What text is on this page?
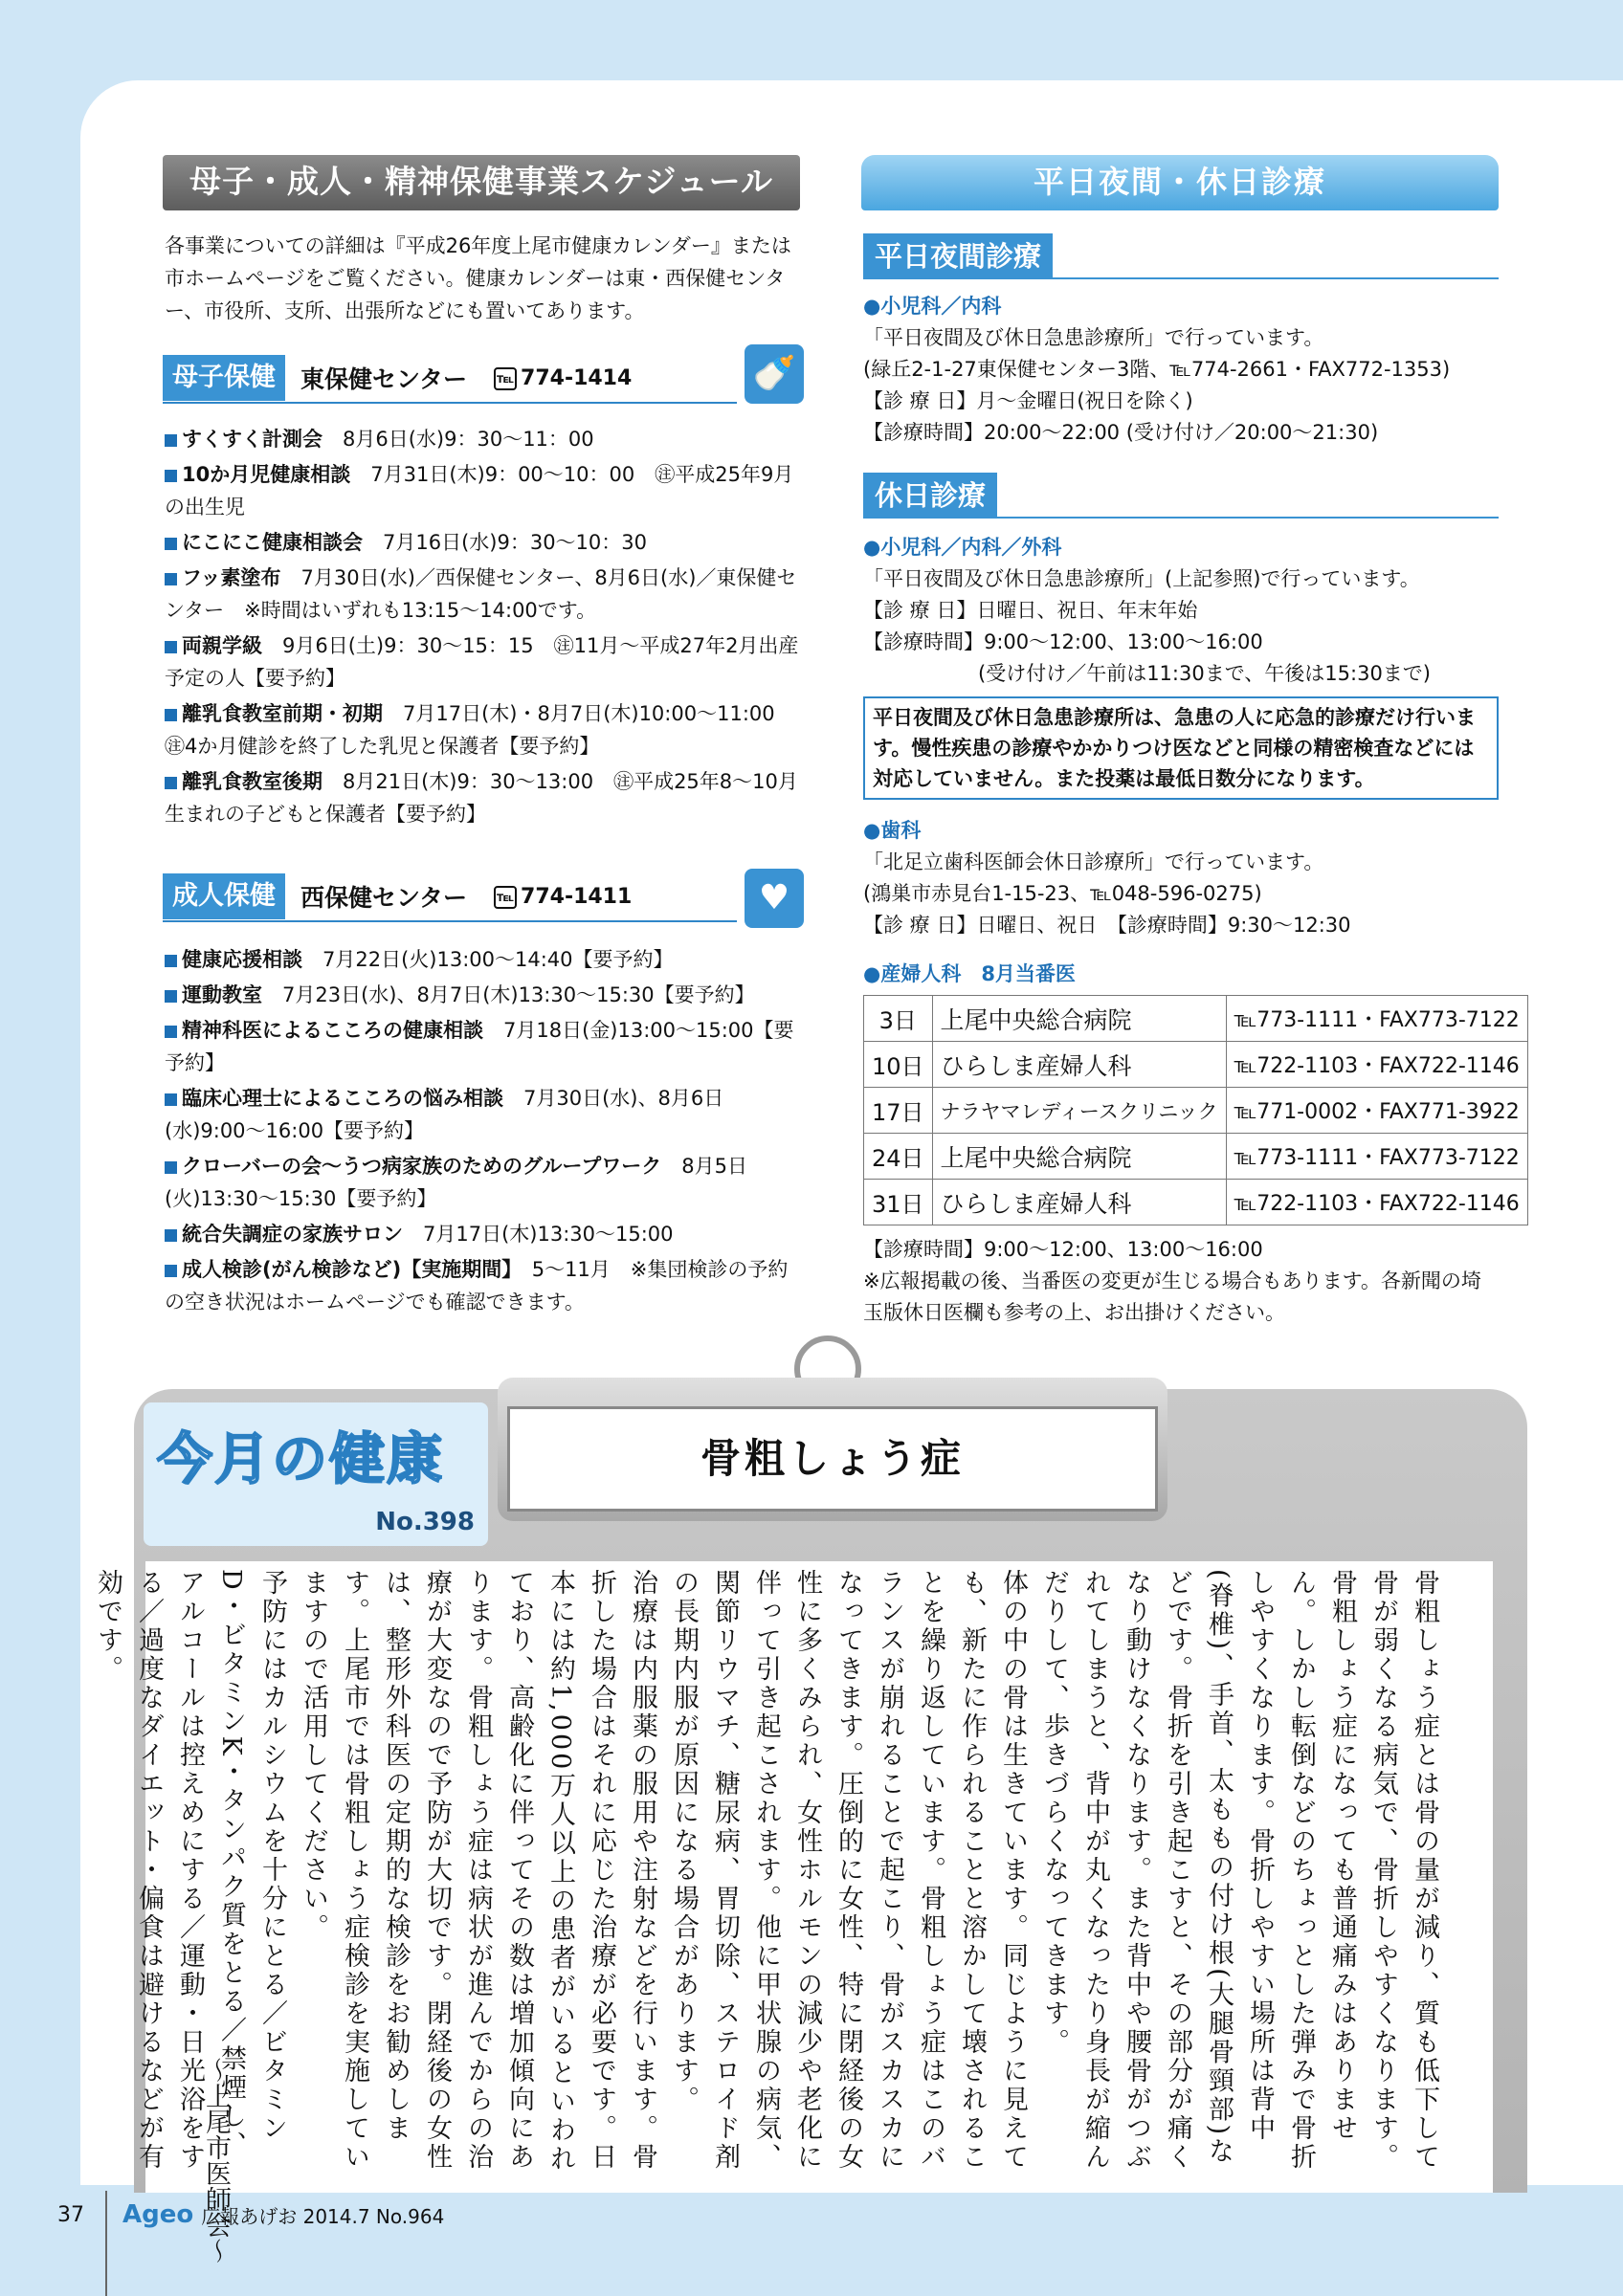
母子・成人・精神保健事業スケジュール
各事業についての詳細は『平成26年度上尾市健康カレンダー』または市ホームページをご覧ください。健康カレンダーは東・西保健センター、市役所、支所、出張所などにも置いてあります。
母子保健	東保健センター ℡ 774-1414	🍼
すくすく計測会　 8月6日(水)9：30〜11：00
10か月児健康相談　 7月31日(木)9：00〜10：00　㊟平成25年9月の出生児
にこにこ健康相談会　 7月16日(水)9：30〜10：30
フッ素塗布　 7月30日(水)／西保健センター、8月6日(水)／東保健センター　※時間はいずれも13:15〜14:00です。
両親学級　 9月6日(土)9：30〜15：15　㊟11月〜平成27年2月出産予定の人【要予約】
離乳食教室前期・初期　 7月17日(木)・8月7日(木)10:00〜11:00　㊟4か月健診を終了した乳児と保護者【要予約】
離乳食教室後期　 8月21日(木)9：30〜13:00　㊟平成25年8〜10月生まれの子どもと保護者【要予約】
成人保健	西保健センター ℡ 774-1411	♥
健康応援相談　 7月22日(火)13:00〜14:40【要予約】
運動教室　 7月23日(水)、8月7日(木)13:30〜15:30【要予約】
精神科医によるこころの健康相談　 7月18日(金)13:00〜15:00【要予約】
臨床心理士によるこころの悩み相談　 7月30日(水)、8月6日(水)9:00〜16:00【要予約】
クローバーの会〜うつ病家族のためのグループワーク　 8月5日(火)13:30〜15:30【要予約】
統合失調症の家族サロン　 7月17日(木)13:30〜15:00
成人検診(がん検診など)【実施期間】　 5〜11月　※集団検診の予約の空き状況はホームページでも確認できます。
平日夜間・休日診療
平日夜間診療
●小児科／内科
「平日夜間及び休日急患診療所」で行っています。
(緑丘2-1-27東保健センター3階、℡774-2661・FAX772-1353)
【診 療 日】月〜金曜日(祝日を除く)
【診療時間】20:00〜22:00 (受け付け／20:00〜21:30)
休日診療
●小児科／内科／外科
「平日夜間及び休日急患診療所」(上記参照)で行っています。
【診 療 日】日曜日、祝日、年末年始
【診療時間】9:00〜12:00、13:00〜16:00
(受け付け／午前は11:30まで、午後は15:30まで)
平日夜間及び休日急患診療所は、急患の人に応急的診療だけ行います。慢性疾患の診療やかかりつけ医などと同様の精密検査などには対応していません。また投薬は最低日数分になります。
●歯科
「北足立歯科医師会休日診療所」で行っています。
(鴻巣市赤見台1-15-23、℡048-596-0275)
【診 療 日】日曜日、祝日　【診療時間】9:30〜12:30
●産婦人科　8月当番医
3日	上尾中央総合病院	℡773-1111・FAX773-7122
10日	ひらしま産婦人科	℡722-1103・FAX722-1146
17日	ナラヤマレディースクリニック	℡771-0002・FAX771-3922
24日	上尾中央総合病院	℡773-1111・FAX773-7122
31日	ひらしま産婦人科	℡722-1103・FAX722-1146
【診療時間】9:00〜12:00、13:00〜16:00
※広報掲載の後、当番医の変更が生じる場合もあります。各新聞の埼玉版休日医欄も参考の上、お出掛けください。
骨粗しょう症
今月の健康
No.398

骨粗しょう症とは骨の量が減り、質も低下して骨が弱くなる病気で、骨折しやすくなります。

骨粗しょう症になっても普通痛みはありません。しかし転倒などのちょっとした弾みで骨折しやすくなります。骨折しやすい場所は背中(脊椎)、手首、太ももの付け根(大腿骨頸部)などです。骨折を引き起こすと、その部分が痛くなり動けなくなります。また背中や腰骨がつぶれてしまうと、背中が丸くなったり身長が縮んだりして、歩きづらくなってきます。

体の中の骨は生きています。同じように見えても、新たに作られることと溶かして壊されることを繰り返しています。骨粗しょう症はこのバランスが崩れることで起こり、骨がスカスカになってきます。圧倒的に女性、特に閉経後の女性に多くみられ、女性ホルモンの減少や老化に伴って引き起こされます。他に甲状腺の病気、関節リウマチ、糖尿病、胃切除、ステロイド剤の長期内服が原因になる場合があります。

治療は内服薬の服用や注射などを行います。骨折した場合はそれに応じた治療が必要です。日本には約1,000万人以上の患者がいるといわれており、高齢化に伴ってその数は増加傾向にあります。骨粗しょう症は病状が進んでからの治療が大変なので予防が大切です。閉経後の女性は、整形外科医の定期的な検診をお勧めします。上尾市では骨粗しょう症検診を実施していますので活用してください。

予防にはカルシウムを十分にとる／ビタミンD・ビタミンK・タンパク質をとる／禁煙し、アルコールは控えめにする／運動・日光浴をする／過度なダイエット・偏食は避けるなどが有効です。

〜上尾市医師会〜
37 Ageo 広報あげお 2014.7 No.964
